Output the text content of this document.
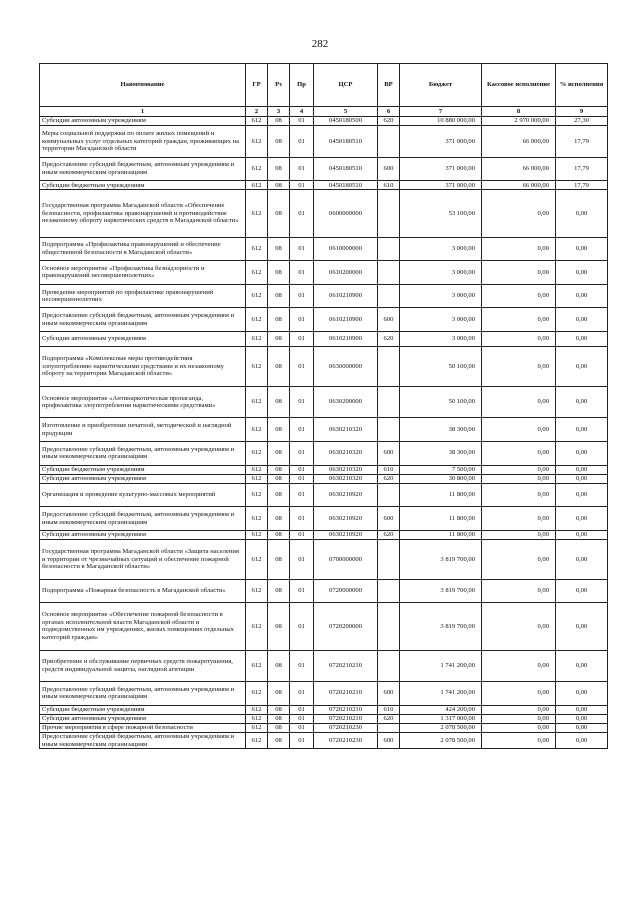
282
Наименование	ГР	Рз	Пр	ЦСР	ВР	Бюджет	Кассовое исполнение	% исполнения
1	2	3	4	5	6	7	8	9
Субсидии автономным учреждениям	612	08	01	0450180500	620	10 880 000,00	2 970 000,00	27,30
Меры социальной поддержки по оплате жилых помещений и коммунальных услуг отдельных категорий граждан, проживающих на территории Магаданской области	612	08	01	0450180510		371 000,00	66 000,00	17,79
Предоставление субсидий бюджетным, автономным учреждениям и иным некоммерческим организациям	612	08	01	0450180510	600	371 000,00	66 000,00	17,79
Субсидии бюджетным учреждениям	612	08	01	0450180510	610	371 000,00	66 000,00	17,79
Государственная программа Магаданской области «Обеспечение безопасности, профилактика правонарушений и противодействие незаконному обороту наркотических средств в Магаданской области»	612	08	01	0600000000		53 100,00	0,00	0,00
Подпрограмма «Профилактика правонарушений и обеспечение общественной безопасности в Магаданской области»	612	08	01	0610000000		3 000,00	0,00	0,00
Основное мероприятие «Профилактика безнадзорности и правонарушений несовершеннолетних»	612	08	01	0610200000		3 000,00	0,00	0,00
Проведение мероприятий по профилактике правонарушений несовершеннолетних	612	08	01	0610210900		3 000,00	0,00	0,00
Предоставление субсидий бюджетным, автономным учреждениям и иным некоммерческим организациям	612	08	01	0610210900	600	3 000,00	0,00	0,00
Субсидии автономным учреждениям	612	08	01	0610210900	620	3 000,00	0,00	0,00
Подпрограмма «Комплексные меры противодействия злоупотреблению наркотическими средствами и их незаконному обороту на территории Магаданской области»	612	08	01	0630000000		50 100,00	0,00	0,00
Основное мероприятие «Антинаркотическая пропаганда, профилактика злоупотребления наркотическими средствами»	612	08	01	0630200000		50 100,00	0,00	0,00
Изготовление и приобретение печатной, методической и наглядной продукции	612	08	01	0630210320		38 300,00	0,00	0,00
Предоставление субсидий бюджетным, автономным учреждениям и иным некоммерческим организациям	612	08	01	0630210320	600	38 300,00	0,00	0,00
Субсидии бюджетным учреждениям	612	08	01	0630210320	610	7 500,00	0,00	0,00
Субсидии автономным учреждениям	612	08	01	0630210320	620	30 800,00	0,00	0,00
Организация и проведение культурно-массовых мероприятий	612	08	01	0630210920		11 800,00	0,00	0,00
Предоставление субсидий бюджетным, автономным учреждениям и иным некоммерческим организациям	612	08	01	0630210920	600	11 800,00	0,00	0,00
Субсидии автономным учреждениям	612	08	01	0630210920	620	11 800,00	0,00	0,00
Государственная программа Магаданской области «Защита населения и территории от чрезвычайных ситуаций и обеспечение пожарной безопасности в Магаданской области»	612	08	01	0700000000		3 819 700,00	0,00	0,00
Подпрограмма «Пожарная безопасность в Магаданской области»	612	08	01	0720000000		3 819 700,00	0,00	0,00
Основное мероприятие «Обеспечение пожарной безопасности в органах исполнительной власти Магаданской области и подведомственных им учреждениях, жилых помещениях отдельных категорий граждан»	612	08	01	0720200000		3 819 700,00	0,00	0,00
Приобретение и обслуживание первичных средств пожаротушения, средств индивидуальной защиты, наглядной агитации	612	08	01	0720210210		1 741 200,00	0,00	0,00
Предоставление субсидий бюджетным, автономным учреждениям и иным некоммерческим организациям	612	08	01	0720210210	600	1 741 200,00	0,00	0,00
Субсидии бюджетным учреждениям	612	08	01	0720210210	610	424 200,00	0,00	0,00
Субсидии автономным учреждениям	612	08	01	0720210210	620	1 317 000,00	0,00	0,00
Прочие мероприятия в сфере пожарной безопасности	612	08	01	0720210230		2 078 500,00	0,00	0,00
Предоставление субсидий бюджетным, автономным учреждениям и иным некоммерческим организациям	612	08	01	0720210230	600	2 078 500,00	0,00	0,00
